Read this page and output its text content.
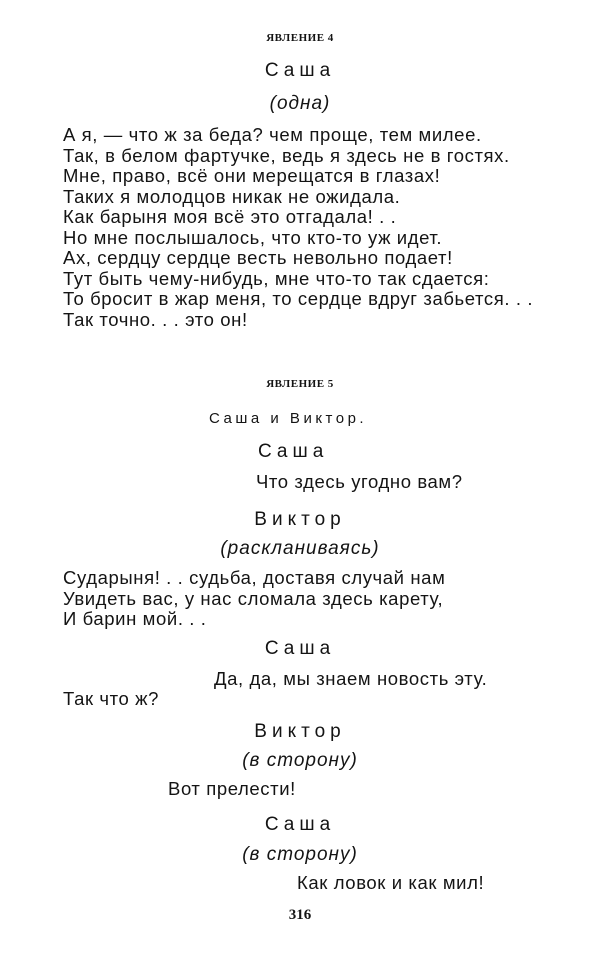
ЯВЛЕНИЕ 4
Саша
(одна)
А я, — что ж за беда? чем проще, тем милее.
Так, в белом фартучке, ведь я здесь не в гостях.
Мне, право, всё они мерещатся в глазах!
Таких я молодцов никак не ожидала.
Как барыня моя всё это отгадала! . .
Но мне послышалось, что кто-то уж идет.
Ах, сердцу сердце весть невольно подает!
Тут быть чему-нибудь, мне что-то так сдается:
То бросит в жар меня, то сердце вдруг забьется. . .
Так точно. . . это он!
ЯВЛЕНИЕ 5
Саша и Виктор.
Саша
Что здесь угодно вам?
Виктор
(раскланиваясь)
Сударыня! . . судьба, доставя случай нам
Увидеть вас, у нас сломала здесь карету,
И барин мой. . .
Саша
Да, да, мы знаем новость эту.
Так что ж?
Виктор
(в сторону)
Вот прелести!
Саша
(в сторону)
Как ловок и как мил!
316
